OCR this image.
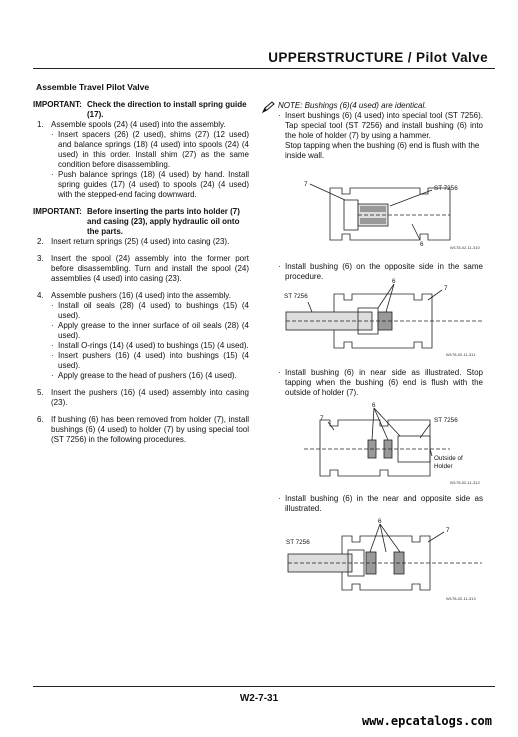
UPPERSTRUCTURE / Pilot Valve
Assemble Travel Pilot Valve
IMPORTANT: Check the direction to install spring guide (17).
1. Assemble spools (24) (4 used) into the assembly.
· Insert spacers (26) (2 used), shims (27) (12 used) and balance springs (18) (4 used) into spools (24) (4 used) in this order. Install shim (27) as the same condition before disassembling.
· Push balance springs (18) (4 used) by hand. Install spring guides (17) (4 used) to spools (24) (4 used) with the stepped-end facing downward.
IMPORTANT: Before inserting the parts into holder (7) and casing (23), apply hydraulic oil onto the parts.
2. Insert return springs (25) (4 used) into casing (23).
3. Insert the spool (24) assembly into the former port before disassembling. Turn and install the spool (24) assemblies (4 used) into casing (23).
4. Assemble pushers (16) (4 used) into the assembly.
· Install oil seals (28) (4 used) to bushings (15) (4 used).
· Apply grease to the inner surface of oil seals (28) (4 used).
· Install O-rings (14) (4 used) to bushings (15) (4 used).
· Insert pushers (16) (4 used) into bushings (15) (4 used).
· Apply grease to the head of pushers (16) (4 used).
5. Insert the pushers (16) (4 used) assembly into casing (23).
6. If bushing (6) has been removed from holder (7), install bushings (6) (4 used) to holder (7) by using special tool (ST 7256) in the following procedures.
NOTE: Bushings (6)(4 used) are identical.
· Insert bushings (6) (4 used) into special tool (ST 7256). Tap special tool (ST 7256) and install bushing (6) into the hole of holder (7) by using a hammer.
Stop tapping when the bushing (6) end is flush with the inside wall.
7
ST 7256
6	W178-02-11-310
· Install bushing (6) on the opposite side in the same procedure.
6
7
ST 7256
W178-02-11-311
· Install bushing (6) in near side as illustrated. Stop tapping when the bushing (6) end is flush with the outside of holder (7).
6
7	ST 7256
Outside of
Holder
W178-02-11-312
· Install bushing (6) in the near and opposite side as illustrated.
6
7
ST 7256
W178-02-11-313
W2-7-31
www.epcatalogs.com
